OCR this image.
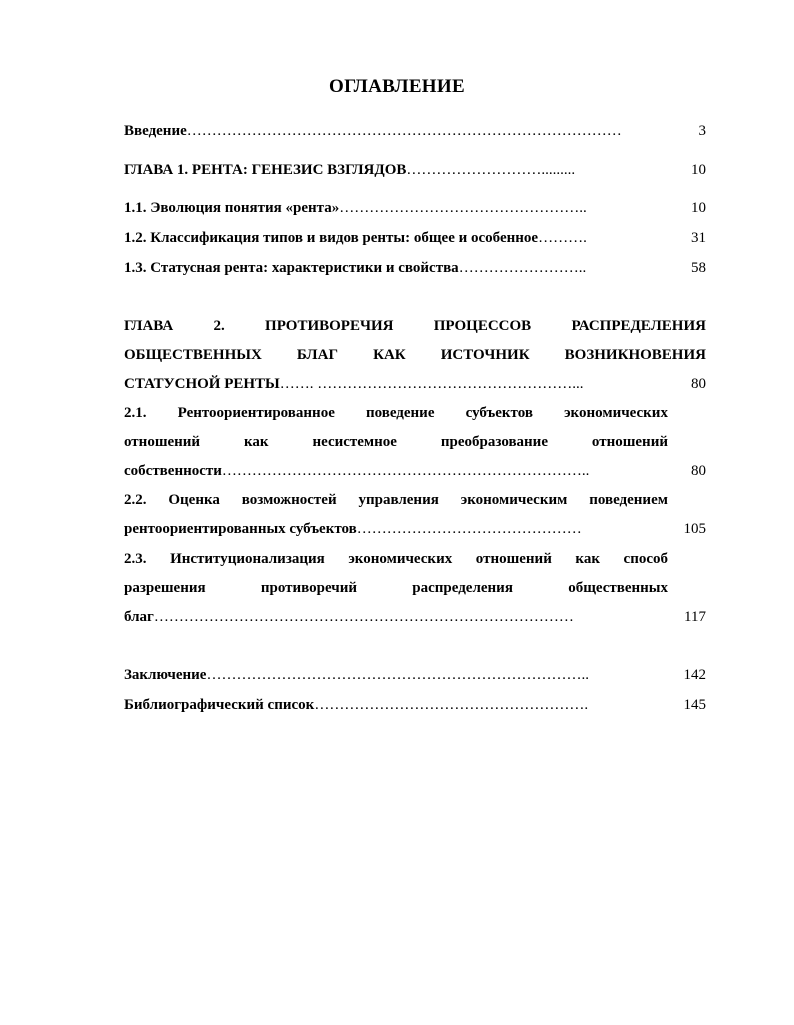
ОГЛАВЛЕНИЕ
Введение……………………………………………………………………………	3
ГЛАВА 1. РЕНТА: ГЕНЕЗИС ВЗГЛЯДОВ……………………….........	10
1.1. Эволюция понятия «рента»…………………………………………..	10
1.2. Классификация типов и видов ренты: общее и особенное……….	31
1.3. Статусная рента: характеристики и свойства……………………..	58
ГЛАВА	2.	ПРОТИВОРЕЧИЯ	ПРОЦЕССОВ	РАСПРЕДЕЛЕНИЯ
ОБЩЕСТВЕННЫХ БЛАГ КАК ИСТОЧНИК ВОЗНИКНОВЕНИЯ
СТАТУСНОЙ РЕНТЫ……. ……………………………………………...	80
2.1. Рентоориентированное поведение субъектов экономических
отношений	как	несистемное	преобразование	отношений
собственности………………………………………………………………..	80
2.2. Оценка возможностей управления экономическим поведением
рентоориентированных субъектов………………………………………	105
2.3. Институционализация экономических отношений как способ
разрешения	противоречий	распределения	общественных
благ…………………………………………………………………………	117
Заключение…………………………………………………………………..	142
Библиографический список……………………………………………….	145
